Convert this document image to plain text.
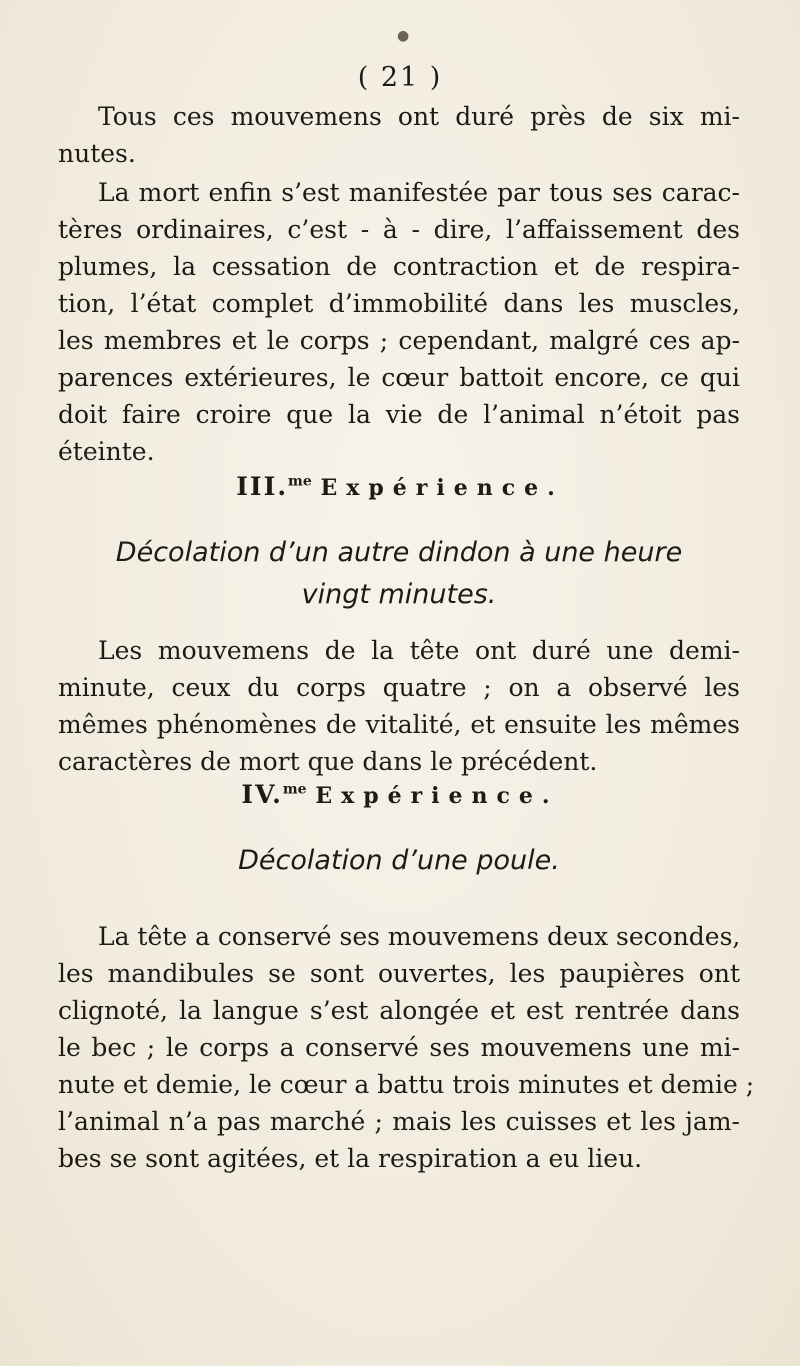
( 21 )
Tous ces mouvemens ont duré près de six mi-
nutes.
La mort enfin s’est manifestée par tous ses carac-
tères ordinaires, c’est - à - dire, l’affaissement des
plumes, la cessation de contraction et de respira-
tion, l’état complet d’immobilité dans les muscles,
les membres et le corps ; cependant, malgré ces ap-
parences extérieures, le cœur battoit encore, ce qui
doit faire croire que la vie de l’animal n’étoit pas
éteinte.
III.$^{me}$ Expérience.
Décolation d’un autre dindon à une heure
vingt minutes.
Les mouvemens de la tête ont duré une demi-
minute, ceux du corps quatre ; on a observé les
mêmes phénomènes de vitalité, et ensuite les mêmes
caractères de mort que dans le précédent.
IV.$^{me}$ Expérience.
Décolation d’une poule.
La tête a conservé ses mouvemens deux secondes,
les mandibules se sont ouvertes, les paupières ont
clignoté, la langue s’est alongée et est rentrée dans
le bec ; le corps a conservé ses mouvemens une mi-
nute et demie, le cœur a battu trois minutes et demie ;
l’animal n’a pas marché ; mais les cuisses et les jam-
bes se sont agitées, et la respiration a eu lieu.
●
